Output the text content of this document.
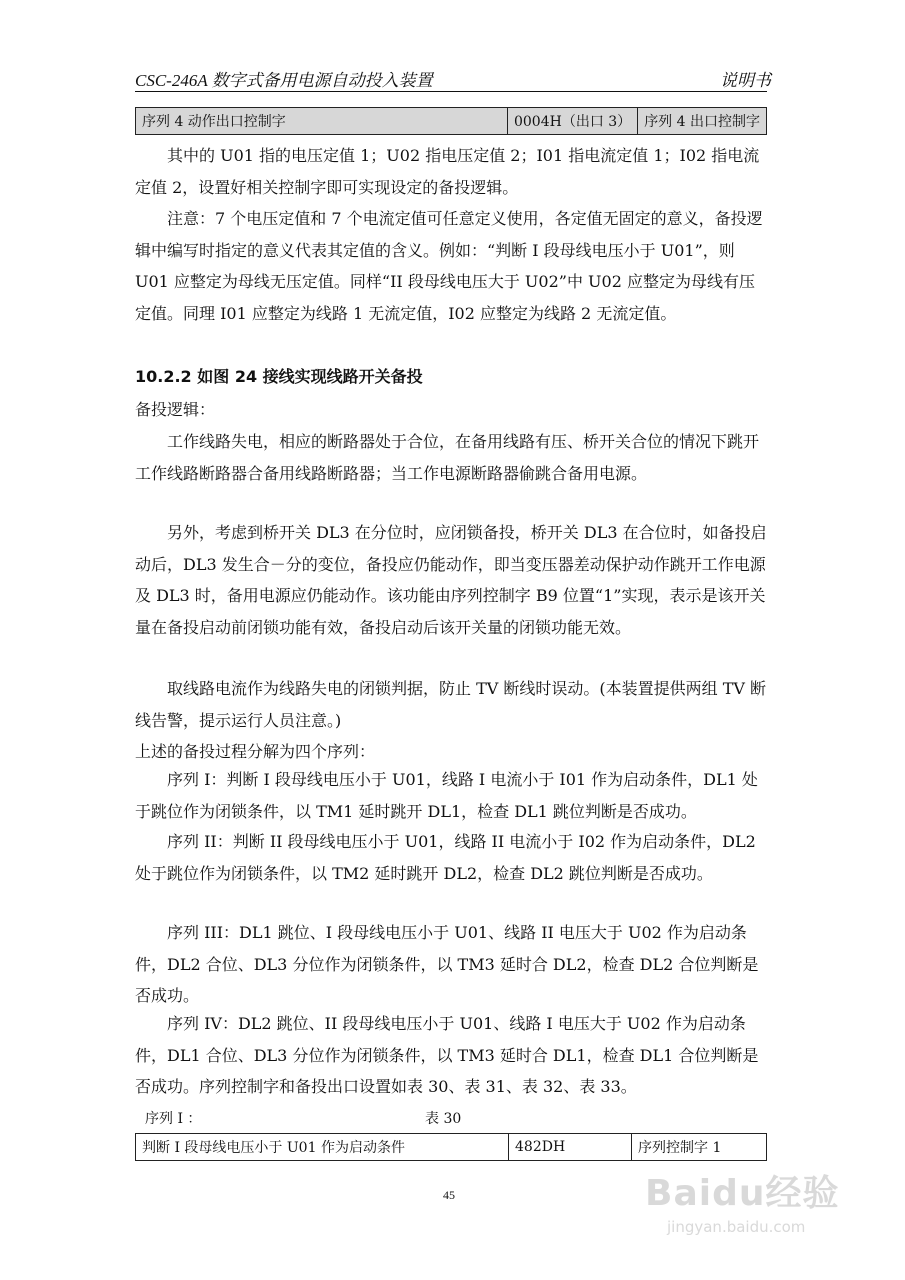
CSC-246A 数字式备用电源自动投入装置	说明书
序列 4 动作出口控制字	0004H（出口 3）	序列 4 出口控制字
其中的 U01 指的电压定值 1；U02 指电压定值 2；I01 指电流定值 1；I02 指电流定值 2，设置好相关控制字即可实现设定的备投逻辑。
注意：7 个电压定值和 7 个电流定值可任意定义使用，各定值无固定的意义，备投逻辑中编写时指定的意义代表其定值的含义。例如：“判断 I 段母线电压小于 U01”，则 U01 应整定为母线无压定值。同样“II 段母线电压大于 U02”中 U02 应整定为母线有压定值。同理 I01 应整定为线路 1 无流定值，I02 应整定为线路 2 无流定值。
10.2.2 如图 24 接线实现线路开关备投
备投逻辑：
工作线路失电，相应的断路器处于合位，在备用线路有压、桥开关合位的情况下跳开工作线路断路器合备用线路断路器；当工作电源断路器偷跳合备用电源。
另外，考虑到桥开关 DL3 在分位时，应闭锁备投，桥开关 DL3 在合位时，如备投启动后，DL3 发生合－分的变位，备投应仍能动作，即当变压器差动保护动作跳开工作电源及 DL3 时，备用电源应仍能动作。该功能由序列控制字 B9 位置“1”实现，表示是该开关量在备投启动前闭锁功能有效，备投启动后该开关量的闭锁功能无效。
取线路电流作为线路失电的闭锁判据，防止 TV 断线时误动。(本装置提供两组 TV 断线告警，提示运行人员注意。)
上述的备投过程分解为四个序列：
序列 I：判断 I 段母线电压小于 U01，线路 I 电流小于 I01 作为启动条件，DL1 处于跳位作为闭锁条件，以 TM1 延时跳开 DL1，检查 DL1 跳位判断是否成功。
序列 II：判断 II 段母线电压小于 U01，线路 II 电流小于 I02 作为启动条件，DL2 处于跳位作为闭锁条件，以 TM2 延时跳开 DL2，检查 DL2 跳位判断是否成功。
序列 III：DL1 跳位、I 段母线电压小于 U01、线路 II 电压大于 U02 作为启动条件，DL2 合位、DL3 分位作为闭锁条件，以 TM3 延时合 DL2，检查 DL2 合位判断是否成功。
序列 IV：DL2 跳位、II 段母线电压小于 U01、线路 I 电压大于 U02 作为启动条件，DL1 合位、DL3 分位作为闭锁条件，以 TM3 延时合 DL1，检查 DL1 合位判断是否成功。序列控制字和备投出口设置如表 30、表 31、表 32、表 33。
序列 I ：	表 30
判断 I 段母线电压小于 U01 作为启动条件	482DH	序列控制字 1
45	Baidu经验
jingyan.baidu.com
